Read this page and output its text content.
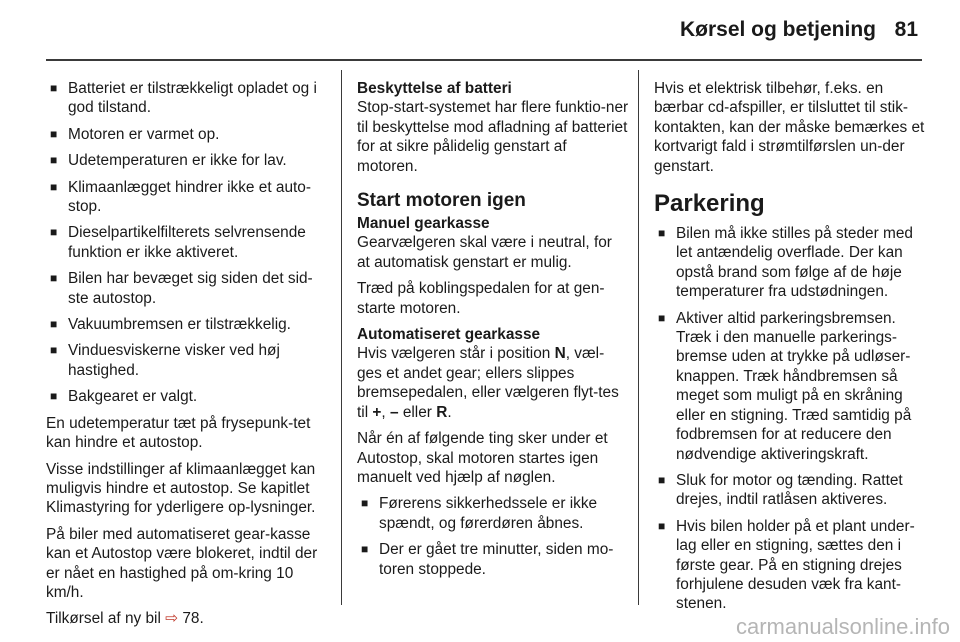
Kørsel og betjening 81
■ Batteriet er tilstrækkeligt opladet og i god tilstand.
■ Motoren er varmet op.
■ Udetemperaturen er ikke for lav.
■ Klimaanlægget hindrer ikke et auto-stop.
■ Dieselpartikelfilterets selvrensende funktion er ikke aktiveret.
■ Bilen har bevæget sig siden det sid-ste autostop.
■ Vakuumbremsen er tilstrækkelig.
■ Vinduesviskerne visker ved høj hastighed.
■ Bakgearet er valgt.

En udetemperatur tæt på frysepunk-tet kan hindre et autostop.

Visse indstillinger af klimaanlægget kan muligvis hindre et autostop. Se kapitlet Klimastyring for yderligere op-lysninger.

På biler med automatiseret gear-kasse kan et Autostop være blokeret, indtil der er nået en hastighed på om-kring 10 km/h.

Tilkørsel af ny bil ⇨ 78.

Beskyttelse af batteri

Stop-start-systemet har flere funktio-ner til beskyttelse mod afladning af batteriet for at sikre pålidelig genstart af motoren.

Start motoren igen
Manuel gearkasse

Gearvælgeren skal være i neutral, for at automatisk genstart er mulig.

Træd på koblingspedalen for at gen-starte motoren.

Automatiseret gearkasse

Hvis vælgeren står i position N, væl-ges et andet gear; ellers slippes bremsepedalen, eller vælgeren flyt-tes til +, – eller R.

Når én af følgende ting sker under et Autostop, skal motoren startes igen manuelt ved hjælp af nøglen.

■ Førerens sikkerhedssele er ikke spændt, og førerdøren åbnes.
■ Der er gået tre minutter, siden mo-toren stoppede.

Hvis et elektrisk tilbehør, f.eks. en bærbar cd-afspiller, er tilsluttet til stik-kontakten, kan der måske bemærkes et kortvarigt fald i strømtilførslen un-der genstart.

Parkering
■ Bilen må ikke stilles på steder med let antændelig overflade. Der kan opstå brand som følge af de høje temperaturer fra udstødningen.
■ Aktiver altid parkeringsbremsen. Træk i den manuelle parkerings-bremse uden at trykke på udløser-knappen. Træk håndbremsen så meget som muligt på en skråning eller en stigning. Træd samtidig på fodbremsen for at reducere den nødvendige aktiveringskraft.
■ Sluk for motor og tænding. Rattet drejes, indtil ratlåsen aktiveres.
■ Hvis bilen holder på et plant under-lag eller en stigning, sættes den i første gear. På en stigning drejes forhjulene desuden væk fra kant-stenen.
carmanualsonline.info
